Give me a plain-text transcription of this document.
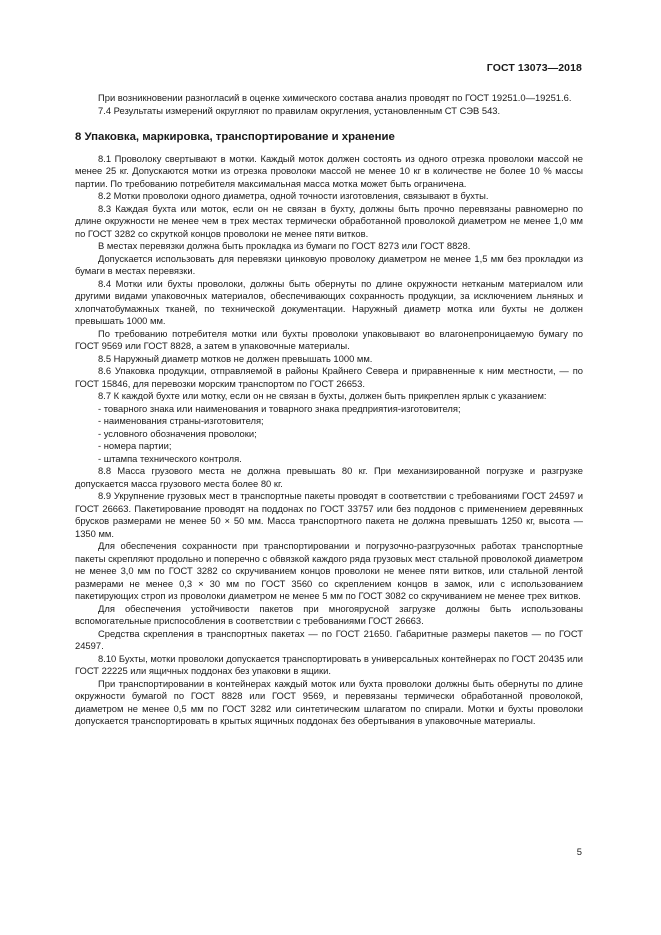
ГОСТ 13073—2018

При возникновении разногласий в оценке химического состава анализ проводят по ГОСТ 19251.0—19251.6.

7.4 Результаты измерений округляют по правилам округления, установленным СТ СЭВ 543.

8 Упаковка, маркировка, транспортирование и хранение

8.1 Проволоку свертывают в мотки. Каждый моток должен состоять из одного отрезка проволоки массой не менее 25 кг. Допускаются мотки из отрезка проволоки массой не менее 10 кг в количестве не более 10 % массы партии. По требованию потребителя максимальная масса мотка может быть ограничена.

8.2 Мотки проволоки одного диаметра, одной точности изготовления, связывают в бухты.

8.3 Каждая бухта или моток, если он не связан в бухту, должны быть прочно перевязаны равномерно по длине окружности не менее чем в трех местах термически обработанной проволокой диаметром не менее 1,0 мм по ГОСТ 3282 со скруткой концов проволоки не менее пяти витков.

В местах перевязки должна быть прокладка из бумаги по ГОСТ 8273 или ГОСТ 8828.

Допускается использовать для перевязки цинковую проволоку диаметром не менее 1,5 мм без прокладки из бумаги в местах перевязки.

8.4 Мотки или бухты проволоки, должны быть обернуты по длине окружности нетканым материалом или другими видами упаковочных материалов, обеспечивающих сохранность продукции, за исключением льняных и хлопчатобумажных тканей, по технической документации. Наружный диаметр мотка или бухты не должен превышать 1000 мм.

По требованию потребителя мотки или бухты проволоки упаковывают во влагонепроницаемую бумагу по ГОСТ 9569 или ГОСТ 8828, а затем в упаковочные материалы.

8.5 Наружный диаметр мотков не должен превышать 1000 мм.

8.6 Упаковка продукции, отправляемой в районы Крайнего Севера и приравненные к ним местности, — по ГОСТ 15846, для перевозки морским транспортом по ГОСТ 26653.

8.7 К каждой бухте или мотку, если он не связан в бухты, должен быть прикреплен ярлык с указанием:

- товарного знака или наименования и товарного знака предприятия-изготовителя;

- наименования страны-изготовителя;

- условного обозначения проволоки;

- номера партии;

- штампа технического контроля.

8.8 Масса грузового места не должна превышать 80 кг. При механизированной погрузке и разгрузке допускается масса грузового места более 80 кг.

8.9 Укрупнение грузовых мест в транспортные пакеты проводят в соответствии с требованиями ГОСТ 24597 и ГОСТ 26663. Пакетирование проводят на поддонах по ГОСТ 33757 или без поддонов с применением деревянных брусков размерами не менее 50 × 50 мм. Масса транспортного пакета не должна превышать 1250 кг, высота — 1350 мм.

Для обеспечения сохранности при транспортировании и погрузочно-разгрузочных работах транспортные пакеты скрепляют продольно и поперечно с обвязкой каждого ряда грузовых мест стальной проволокой диаметром не менее 3,0 мм по ГОСТ 3282 со скручиванием концов проволоки не менее пяти витков, или стальной лентой размерами не менее 0,3 × 30 мм по ГОСТ 3560 со скреплением концов в замок, или с использованием пакетирующих строп из проволоки диаметром не менее 5 мм по ГОСТ 3082 со скручиванием не менее трех витков.

Для обеспечения устойчивости пакетов при многоярусной загрузке должны быть использованы вспомогательные приспособления в соответствии с требованиями ГОСТ 26663.

Средства скрепления в транспортных пакетах — по ГОСТ 21650. Габаритные размеры пакетов — по ГОСТ 24597.

8.10 Бухты, мотки проволоки допускается транспортировать в универсальных контейнерах по ГОСТ 20435 или ГОСТ 22225 или ящичных поддонах без упаковки в ящики.

При транспортировании в контейнерах каждый моток или бухта проволоки должны быть обернуты по длине окружности бумагой по ГОСТ 8828 или ГОСТ 9569, и перевязаны термически обработанной проволокой, диаметром не менее 0,5 мм по ГОСТ 3282 или синтетическим шлагатом по спирали. Мотки и бухты проволоки допускается транспортировать в крытых ящичных поддонах без обертывания в упаковочные материалы.

5
